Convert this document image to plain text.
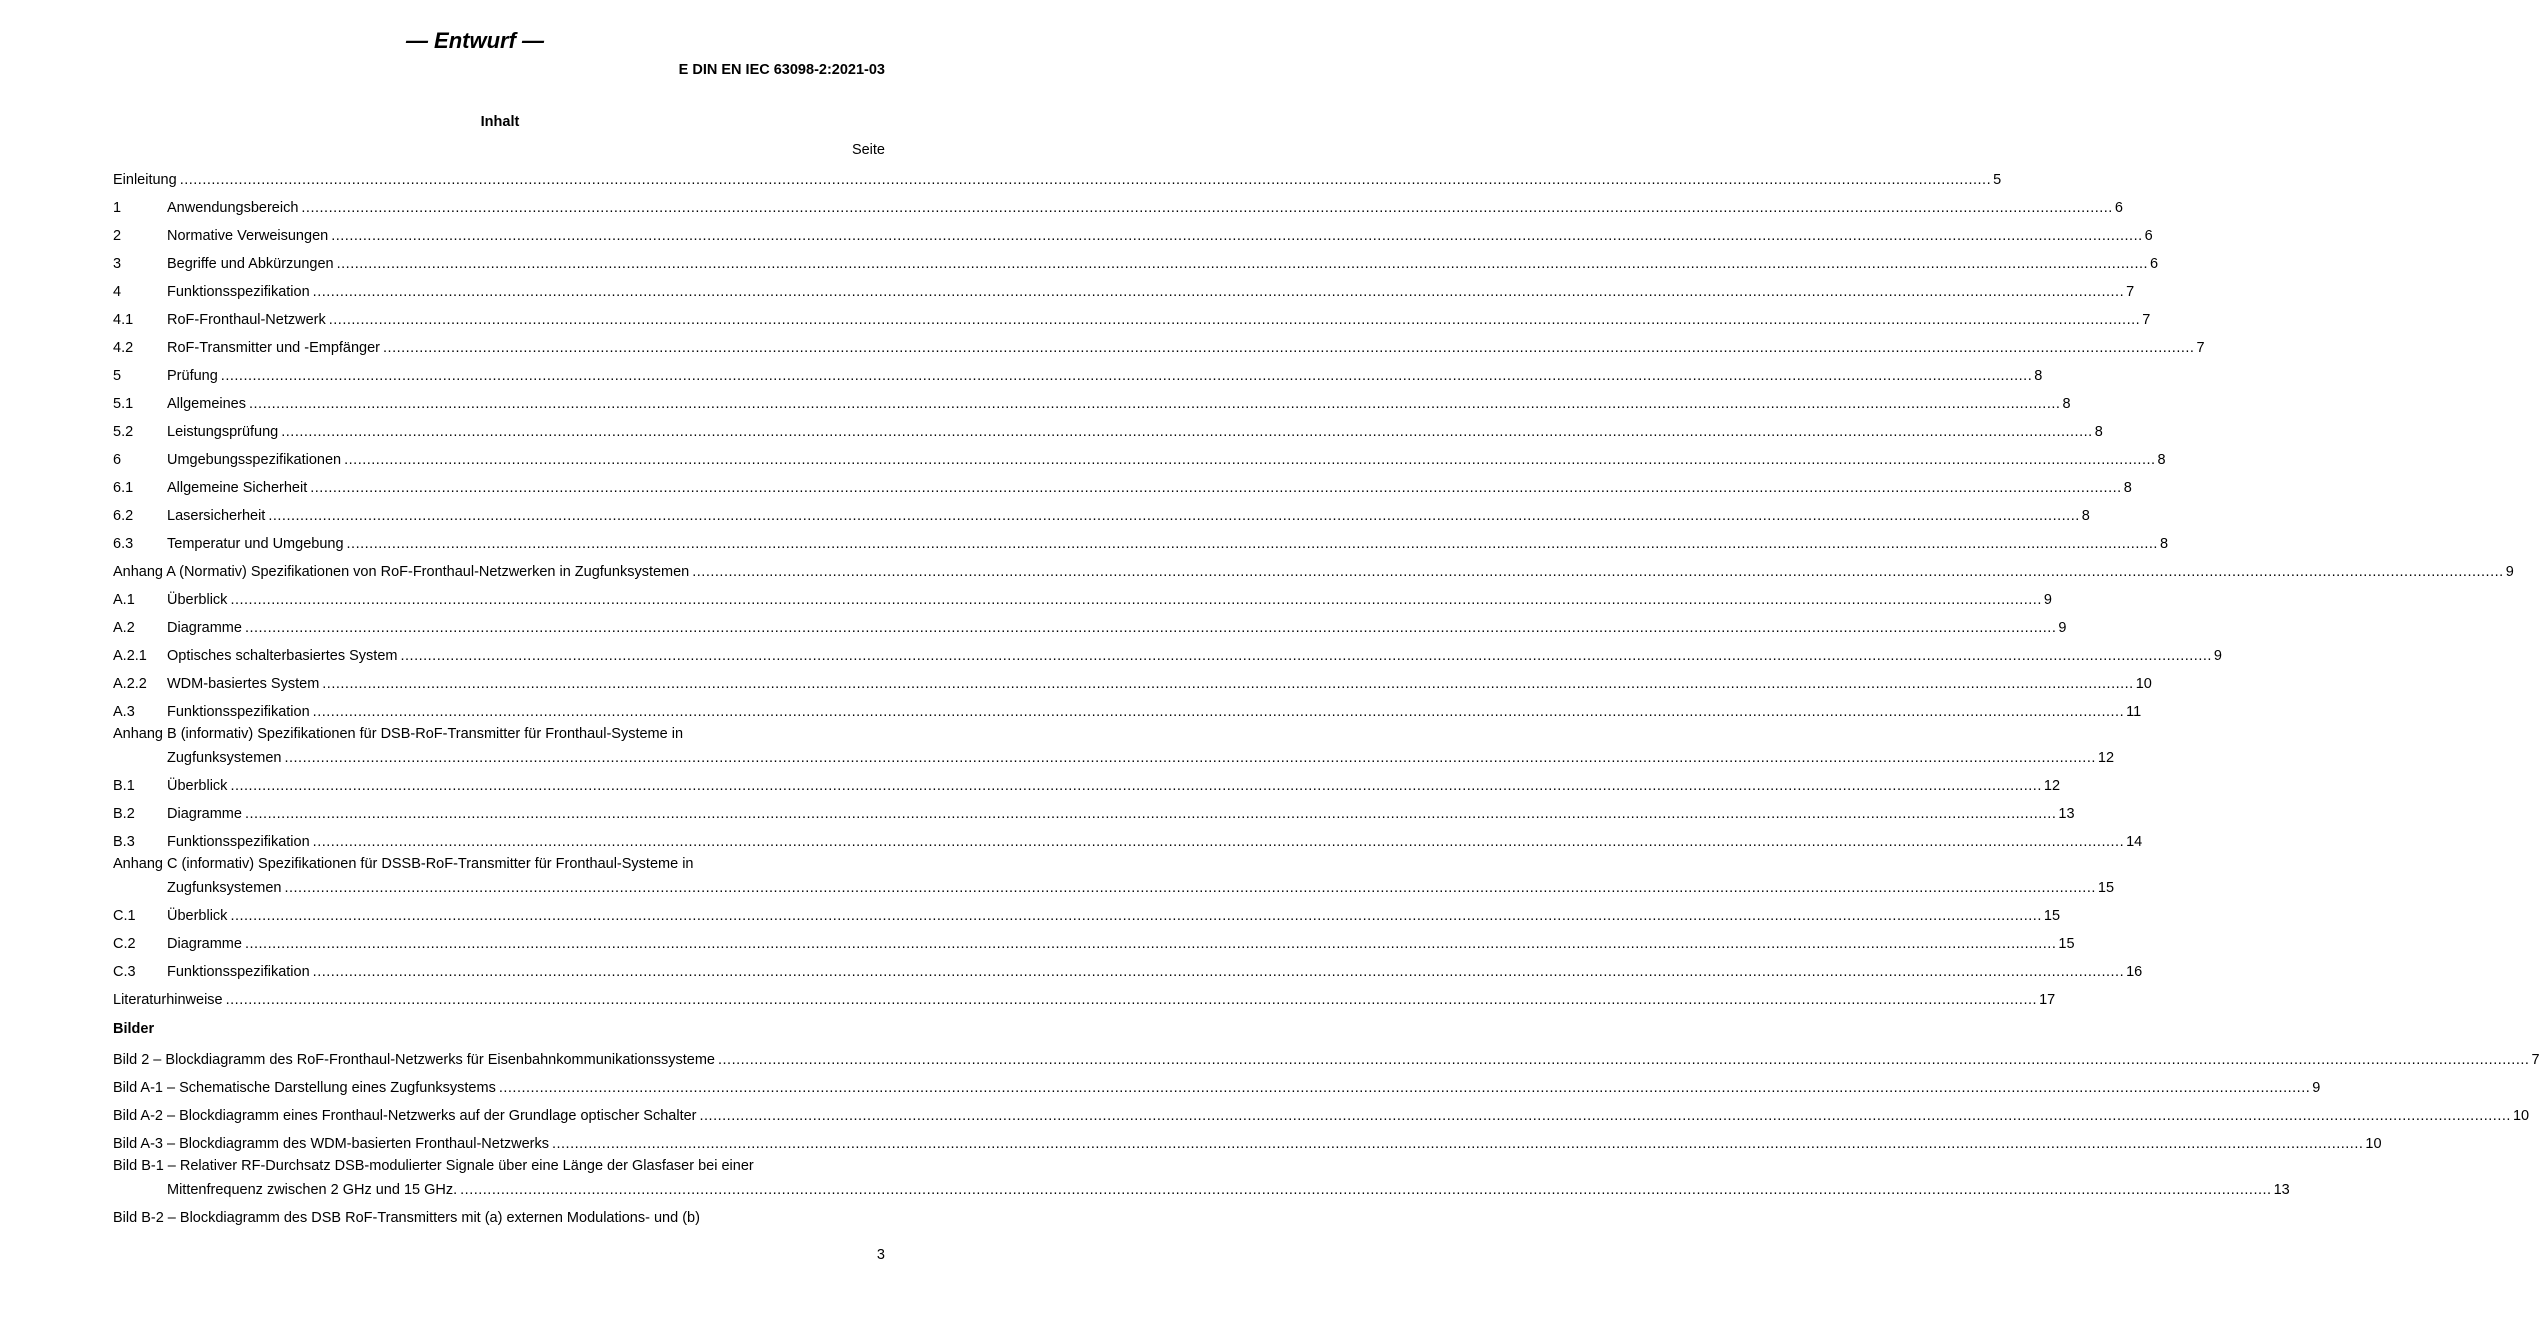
— Entwurf —
E DIN EN IEC 63098-2:2021-03
Inhalt
Seite
Einleitung ................................................................................................................................................................................................................................................................................................................................................................................................................ 5
1	Anwendungsbereich ................................................................................................................................................................................................................................................................................................................................................................................................................ 6
2	Normative Verweisungen ................................................................................................................................................................................................................................................................................................................................................................................................................ 6
3	Begriffe und Abkürzungen ................................................................................................................................................................................................................................................................................................................................................................................................................ 6
4	Funktionsspezifikation ................................................................................................................................................................................................................................................................................................................................................................................................................ 7
4.1	RoF-Fronthaul-Netzwerk ................................................................................................................................................................................................................................................................................................................................................................................................................ 7
4.2	RoF-Transmitter und -Empfänger ................................................................................................................................................................................................................................................................................................................................................................................................................ 7
5	Prüfung ................................................................................................................................................................................................................................................................................................................................................................................................................ 8
5.1	Allgemeines ................................................................................................................................................................................................................................................................................................................................................................................................................ 8
5.2	Leistungsprüfung ................................................................................................................................................................................................................................................................................................................................................................................................................ 8
6	Umgebungsspezifikationen ................................................................................................................................................................................................................................................................................................................................................................................................................ 8
6.1	Allgemeine Sicherheit ................................................................................................................................................................................................................................................................................................................................................................................................................ 8
6.2	Lasersicherheit ................................................................................................................................................................................................................................................................................................................................................................................................................ 8
6.3	Temperatur und Umgebung ................................................................................................................................................................................................................................................................................................................................................................................................................ 8
Anhang A (Normativ) Spezifikationen von RoF-Fronthaul-Netzwerken in Zugfunksystemen ................................................................................................................................................................................................................................................................................................................................................................................................................ 9
A.1	Überblick ................................................................................................................................................................................................................................................................................................................................................................................................................ 9
A.2	Diagramme ................................................................................................................................................................................................................................................................................................................................................................................................................ 9
A.2.1	Optisches schalterbasiertes System ................................................................................................................................................................................................................................................................................................................................................................................................................ 9
A.2.2	WDM-basiertes System ................................................................................................................................................................................................................................................................................................................................................................................................................ 10
A.3	Funktionsspezifikation ................................................................................................................................................................................................................................................................................................................................................................................................................ 11
Anhang B (informativ) Spezifikationen für DSB-RoF-Transmitter für Fronthaul-Systeme in
Zugfunksystemen ................................................................................................................................................................................................................................................................................................................................................................................................................ 12
B.1	Überblick ................................................................................................................................................................................................................................................................................................................................................................................................................ 12
B.2	Diagramme ................................................................................................................................................................................................................................................................................................................................................................................................................ 13
B.3	Funktionsspezifikation ................................................................................................................................................................................................................................................................................................................................................................................................................ 14
Anhang C (informativ) Spezifikationen für DSSB-RoF-Transmitter für Fronthaul-Systeme in
Zugfunksystemen ................................................................................................................................................................................................................................................................................................................................................................................................................ 15
C.1	Überblick ................................................................................................................................................................................................................................................................................................................................................................................................................ 15
C.2	Diagramme ................................................................................................................................................................................................................................................................................................................................................................................................................ 15
C.3	Funktionsspezifikation ................................................................................................................................................................................................................................................................................................................................................................................................................ 16
Literaturhinweise ................................................................................................................................................................................................................................................................................................................................................................................................................ 17
Bilder
Bild 2 – Blockdiagramm des RoF-Fronthaul-Netzwerks für Eisenbahnkommunikationssysteme ................................................................................................................................................................................................................................................................................................................................................................................................................ 7
Bild A-1 – Schematische Darstellung eines Zugfunksystems ................................................................................................................................................................................................................................................................................................................................................................................................................ 9
Bild A-2 – Blockdiagramm eines Fronthaul-Netzwerks auf der Grundlage optischer Schalter ................................................................................................................................................................................................................................................................................................................................................................................................................ 10
Bild A-3 – Blockdiagramm des WDM-basierten Fronthaul-Netzwerks ................................................................................................................................................................................................................................................................................................................................................................................................................ 10
Bild B-1 – Relativer RF-Durchsatz DSB-modulierter Signale über eine Länge der Glasfaser bei einer
Mittenfrequenz zwischen 2 GHz und 15 GHz. ................................................................................................................................................................................................................................................................................................................................................................................................................ 13
Bild B-2 – Blockdiagramm des DSB RoF-Transmitters mit (a) externen Modulations- und (b)
3
